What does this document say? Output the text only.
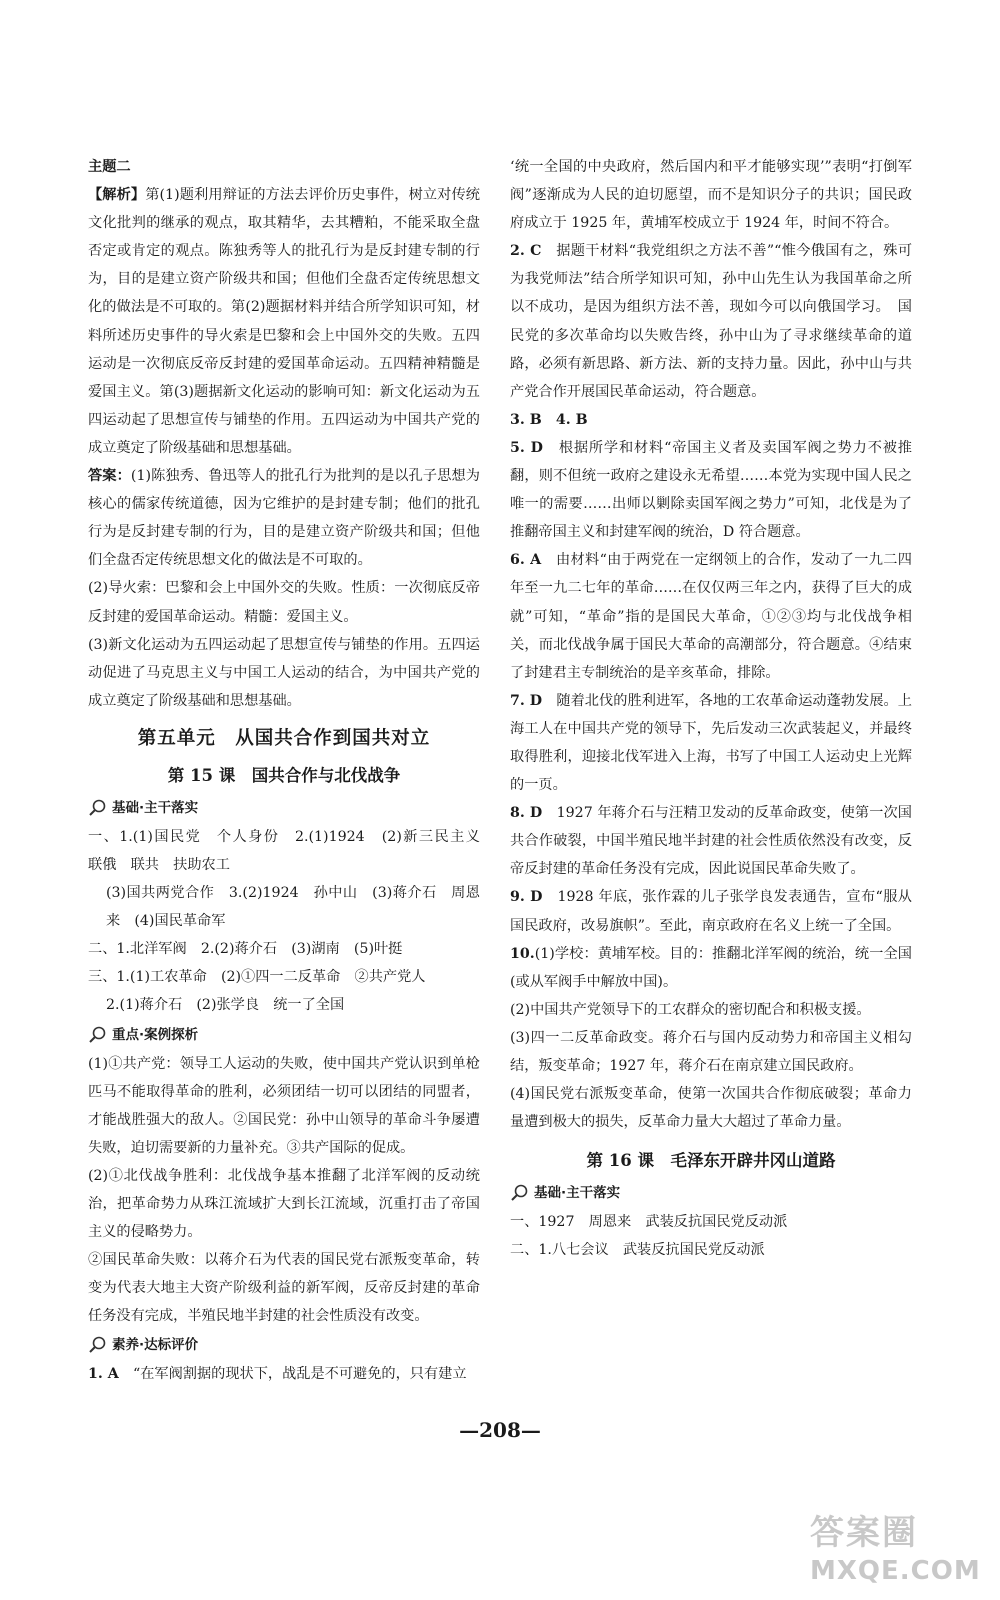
主题二

【解析】第(1)题利用辩证的方法去评价历史事件，树立对传统文化批判的继承的观点，取其精华，去其糟粕，不能采取全盘否定或肯定的观点。陈独秀等人的批孔行为是反封建专制的行为，目的是建立资产阶级共和国；但他们全盘否定传统思想文化的做法是不可取的。第(2)题据材料并结合所学知识可知，材料所述历史事件的导火索是巴黎和会上中国外交的失败。五四运动是一次彻底反帝反封建的爱国革命运动。五四精神精髓是爱国主义。第(3)题据新文化运动的影响可知：新文化运动为五四运动起了思想宣传与铺垫的作用。五四运动为中国共产党的成立奠定了阶级基础和思想基础。

答案：(1)陈独秀、鲁迅等人的批孔行为批判的是以孔子思想为核心的儒家传统道德，因为它维护的是封建专制；他们的批孔行为是反封建专制的行为，目的是建立资产阶级共和国；但他们全盘否定传统思想文化的做法是不可取的。

(2)导火索：巴黎和会上中国外交的失败。性质：一次彻底反帝反封建的爱国革命运动。精髓：爱国主义。

(3)新文化运动为五四运动起了思想宣传与铺垫的作用。五四运动促进了马克思主义与中国工人运动的结合，为中国共产党的成立奠定了阶级基础和思想基础。

第五单元　从国共合作到国共对立
第 15 课　国共合作与北伐战争
基础·主干落实

一、1.(1)国民党　个人身份　2.(1)1924　(2)新三民主义　联俄　联共　扶助农工

(3)国共两党合作　3.(2)1924　孙中山　(3)蒋介石　周恩来　(4)国民革命军

二、1.北洋军阀　2.(2)蒋介石　(3)湖南　(5)叶挺

三、1.(1)工农革命　(2)①四一二反革命　②共产党人

2.(1)蒋介石　(2)张学良　统一了全国

重点·案例探析

(1)①共产党：领导工人运动的失败，使中国共产党认识到单枪匹马不能取得革命的胜利，必须团结一切可以团结的同盟者，才能战胜强大的敌人。②国民党：孙中山领导的革命斗争屡遭失败，迫切需要新的力量补充。③共产国际的促成。

(2)①北伐战争胜利：北伐战争基本推翻了北洋军阀的反动统治，把革命势力从珠江流域扩大到长江流域，沉重打击了帝国主义的侵略势力。

②国民革命失败：以蒋介石为代表的国民党右派叛变革命，转变为代表大地主大资产阶级利益的新军阀，反帝反封建的革命任务没有完成，半殖民地半封建的社会性质没有改变。

素养·达标评价

1. A　 “在军阀割据的现状下，战乱是不可避免的，只有建立

‘统一全国的中央政府，然后国内和平才能够实现’”表明“打倒军阀”逐渐成为人民的迫切愿望，而不是知识分子的共识；国民政府成立于 1925 年，黄埔军校成立于 1924 年，时间不符合。

2. C　 据题干材料“我党组织之方法不善”“惟今俄国有之，殊可为我党师法”结合所学知识可知，孙中山先生认为我国革命之所以不成功，是因为组织方法不善，现如今可以向俄国学习。　国民党的多次革命均以失败告终，孙中山为了寻求继续革命的道路，必须有新思路、新方法、新的支持力量。因此，孙中山与共产党合作开展国民革命运动，符合题意。

3. B　4. B

5. D　 根据所学和材料“帝国主义者及卖国军阀之势力不被推翻，则不但统一政府之建设永无希望……本党为实现中国人民之唯一的需要……出师以剿除卖国军阀之势力”可知，北伐是为了推翻帝国主义和封建军阀的统治，D 符合题意。

6. A　 由材料“由于两党在一定纲领上的合作，发动了一九二四年至一九二七年的革命……在仅仅两三年之内，获得了巨大的成就”可知，“革命”指的是国民大革命，①②③均与北伐战争相关，而北伐战争属于国民大革命的高潮部分，符合题意。④结束了封建君主专制统治的是辛亥革命，排除。

7. D　 随着北伐的胜利进军，各地的工农革命运动蓬勃发展。上海工人在中国共产党的领导下，先后发动三次武装起义，并最终取得胜利，迎接北伐军进入上海，书写了中国工人运动史上光辉的一页。

8. D　 1927 年蒋介石与汪精卫发动的反革命政变，使第一次国共合作破裂，中国半殖民地半封建的社会性质依然没有改变，反帝反封建的革命任务没有完成，因此说国民革命失败了。

9. D　 1928 年底，张作霖的儿子张学良发表通告，宣布“服从国民政府，改易旗帜”。至此，南京政府在名义上统一了全国。

10.(1)学校：黄埔军校。目的：推翻北洋军阀的统治，统一全国(或从军阀手中解放中国)。

(2)中国共产党领导下的工农群众的密切配合和积极支援。

(3)四一二反革命政变。蒋介石与国内反动势力和帝国主义相勾结，叛变革命；1927 年，蒋介石在南京建立国民政府。

(4)国民党右派叛变革命，使第一次国共合作彻底破裂；革命力量遭到极大的损失，反革命力量大大超过了革命力量。

第 16 课　毛泽东开辟井冈山道路
基础·主干落实

一、1927　周恩来　武装反抗国民党反动派

二、1.八七会议　武装反抗国民党反动派

—208—
答案圈
MXQE.COM
